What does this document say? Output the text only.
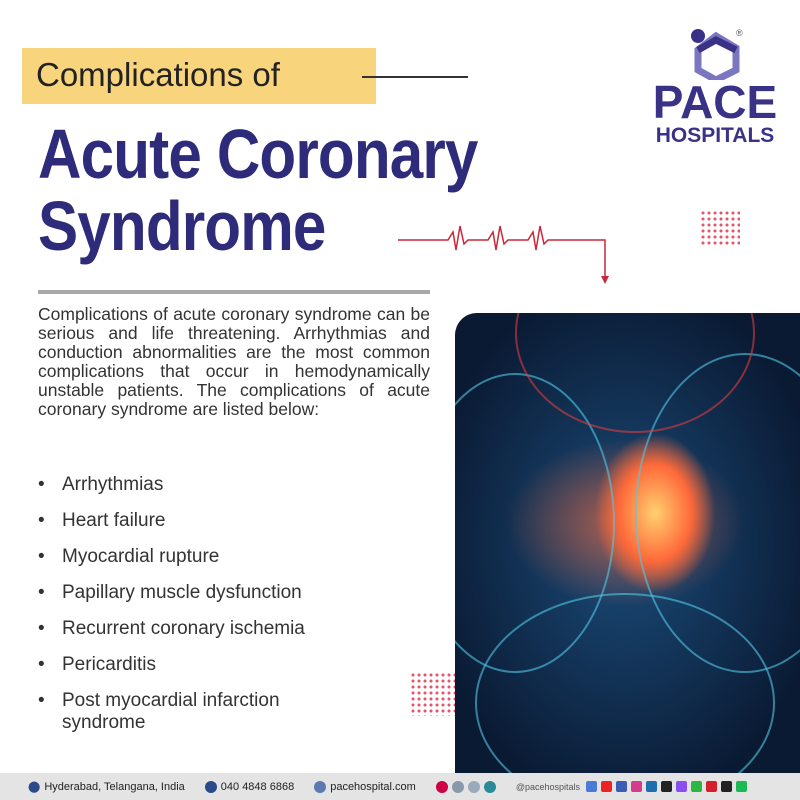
Complications of
Acute Coronary
Syndrome
®
PACE
HOSPITALS

Complications of acute coronary syndrome can be serious and life threatening. Arrhythmias and conduction abnormalities are the most common complications that occur in hemodynamically unstable patients. The complications of acute coronary syndrome are listed below:

• Arrhythmias
• Heart failure
• Myocardial rupture
• Papillary muscle dysfunction
• Recurrent coronary ischemia
• Pericarditis
• Post myocardial infarction syndrome
⬤ Hyderabad, Telangana, India	040 4848 6868	pacehospital.com	@pacehospitals
